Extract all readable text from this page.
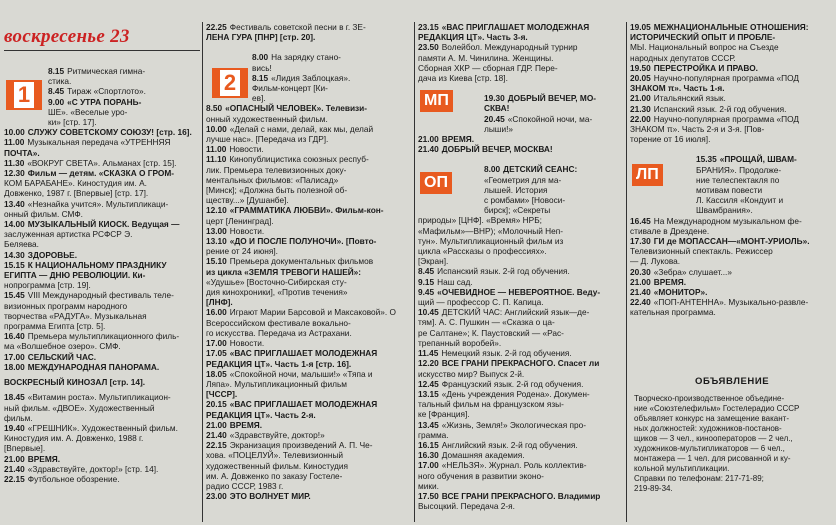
воскресенье 23
1	2
МП
ОП	ЛП
8.15 Ритмическая гимна-
стика.
8.45 Тираж «Спортлото».
9.00 «С УТРА ПОРАНЬ-
ШЕ». «Веселые уро-
ки» [стр. 17].
10.00 СЛУЖУ СОВЕТСКОМУ СОЮЗУ! [стр. 16].
11.00 Музыкальная передача «УТРЕННЯЯ
ПОЧТА».
11.30 «ВОКРУГ СВЕТА». Альманах [стр. 15].
12.30 Фильм — детям. «СКАЗКА О ГРОМ-
КОМ БАРАБАНЕ». Киностудия им. А.
Довженко, 1987 г. [Впервые] [стр. 17].
13.40 «Незнайка учится». Мультипликаци-
онный фильм. СМФ.
14.00 МУЗЫКАЛЬНЫЙ КИОСК. Ведущая —
заслуженная артистка РСФСР Э.
Беляева.
14.30 ЗДОРОВЬЕ.
15.15 К НАЦИОНАЛЬНОМУ ПРАЗДНИКУ
ЕГИПТА — ДНЮ РЕВОЛЮЦИИ. Ки-
нопрограмма [стр. 19].
15.45 VIII Международный фестиваль теле-
визионных программ народного
творчества «РАДУГА». Музыкальная
программа Египта [стр. 5].
16.40 Премьера мультипликационного филь-
ма «Волшебное озеро». СМФ.
17.00 СЕЛЬСКИЙ ЧАС.
18.00 МЕЖДУНАРОДНАЯ ПАНОРАМА.
ВОСКРЕСНЫЙ КИНОЗАЛ [стр. 14].
18.45 «Витамин роста». Мультипликацион-
ный фильм. «ДВОЕ». Художественный
фильм.
19.40 «ГРЕШНИК». Художественный фильм.
Киностудия им. А. Довженко, 1988 г.
[Впервые].
21.00 ВРЕМЯ.
21.40 «Здравствуйте, доктор!» [стр. 14].
22.15 Футбольное обозрение.
22.25 Фестиваль советской песни в г. ЗЕ-
ЛЕНА ГУРА [ПНР] [стр. 20].
8.00 На зарядку стано-
вись!
8.15 «Лидия Заблоцкая».
Фильм-концерт [Ки-
ев].
8.50 «ОПАСНЫЙ ЧЕЛОВЕК». Телевизи-
онный художественный фильм.
10.00 «Делай с нами, делай, как мы, делай
лучше нас». [Передача из ГДР].
11.00 Новости.
11.10 Кинопублицистика союзных респуб-
лик. Премьера телевизионных доку-
ментальных фильмов: «Палисад»
[Минск]; «Должна быть полезной об-
ществу...» [Душанбе].
12.10 «ГРАММАТИКА ЛЮБВИ». Фильм-кон-
церт [Ленинград].
13.00 Новости.
13.10 «ДО И ПОСЛЕ ПОЛУНОЧИ». [Повто-
рение от 24 июня].
15.10 Премьера документальных фильмов
из цикла «ЗЕМЛЯ ТРЕВОГИ НАШЕЙ»:
«Удушье» [Восточно-Сибирская сту-
дия кинохроники], «Против течения»
[ЛНФ].
16.00 Играют Марии Барсовой и Максаковой». О
Всероссийском фестивале вокально-
го искусства. Передача из Астрахани.
17.00 Новости.
17.05 «ВАС ПРИГЛАШАЕТ МОЛОДЕЖНАЯ
РЕДАКЦИЯ ЦТ». Часть 1-я [стр. 16].
18.05 «Спокойной ночи, малыши!» «Тяпа и
Ляпа». Мультипликационный фильм
[ЧССР].
20.15 «ВАС ПРИГЛАШАЕТ МОЛОДЕЖНАЯ
РЕДАКЦИЯ ЦТ». Часть 2-я.
21.00 ВРЕМЯ.
21.40 «Здравствуйте, доктор!»
22.15 Экранизация произведений А. П. Че-
хова. «ПОЦЕЛУЙ». Телевизионный
художественный фильм. Киностудия
им. А. Довженко по заказу Гостеле-
радио СССР, 1983 г.
23.00 ЭТО ВОЛНУЕТ МИР.
23.15 «ВАС ПРИГЛАШАЕТ МОЛОДЕЖНАЯ
РЕДАКЦИЯ ЦТ». Часть 3-я.
23.50 Волейбол. Международный турнир
памяти А. М. Чинилина. Женщины.
Сборная ХКР — сборная ГДР. Пере-
дача из Киева [стр. 18].
19.30 ДОБРЫЙ ВЕЧЕР, МО-
СКВА!
20.45 «Спокойной ночи, ма-
лыши!»
21.00 ВРЕМЯ.
21.40 ДОБРЫЙ ВЕЧЕР, МОСКВА!
8.00 ДЕТСКИЙ СЕАНС:
«Геометрия для ма-
лышей. История
с ромбами» [Новоси-
бирск]; «Секреты
природы» [ЦНФ]. «Время» НРБ;
«Мафильм»—ВНР); «Молочный Неп-
тун». Мультипликационный фильм из
цикла «Рассказы о профессиях».
[Экран].
8.45 Испанский язык. 2-й год обучения.
9.15 Наш сад.
9.45 «ОЧЕВИДНОЕ — НЕВЕРОЯТНОЕ. Веду-
щий — профессор С. П. Капица.
10.45 ДЕТСКИЙ ЧАС: Английский язык—де-
тям]. А. С. Пушкин — «Сказка о ца-
ре Салтане»; К. Паустовский — «Рас-
трепанный воробей».
11.45 Немецкий язык. 2-й год обучения.
12.20 ВСЕ ГРАНИ ПРЕКРАСНОГО. Спасет ли
искусство мир? Выпуск 2-й.
12.45 Французский язык. 2-й год обучения.
13.15 «День учреждения Родена». Докумен-
тальный фильм на французском язы-
ке [Франция].
13.45 «Жизнь, Земля!» Экологическая про-
грамма.
16.15 Английский язык. 2-й год обучения.
16.30 Домашняя академия.
17.00 «НЕЛЬЗЯ». Журнал. Роль коллектив-
ного обучения в развитии эконо-
мики.
17.50 ВСЕ ГРАНИ ПРЕКРАСНОГО. Владимир
Высоцкий. Передача 2-я.
19.05 МЕЖНАЦИОНАЛЬНЫЕ ОТНОШЕНИЯ:
ИСТОРИЧЕСКИЙ ОПЫТ И ПРОБЛЕ-
МЫ. Национальный вопрос на Съезде
народных депутатов СССР.
19.50 ПЕРЕСТРОЙКА И ПРАВО.
20.05 Научно-популярная программа «ПОД
ЗНАКОМ π». Часть 1-я.
21.00 Итальянский язык.
21.30 Испанский язык. 2-й год обучения.
22.00 Научно-популярная программа «ПОД
ЗНАКОМ π». Часть 2-я и 3-я. [Пов-
торение от 16 июля].
15.35 «ПРОЩАЙ, ШВАМ-
БРАНИЯ». Продолже-
ние телеспектакля по
мотивам повести
Л. Кассиля «Кондуит и
Швамбрания».
16.45 На Международном музыкальном фе-
стивале в Дрездене.
17.30 ГИ де МОПАССАН—«МОНТ-УРИОЛЬ».
Телевизионный спектакль. Режиссер
— Д. Лукова.
20.30 «Зебра» слушает...»
21.00 ВРЕМЯ.
21.40 «МОНИТОР».
22.40 «ПОП-АНТЕННА». Музыкально-развле-
кательная программа.
ОБЪЯВЛЕНИЕ
Творческо-производственное объедине-
ние «Союзтелефильм» Гостелерадио СССР
объявляет конкурс на замещение вакант-
ных должностей: художников-постанов-
щиков — 3 чел., кинооператоров — 2 чел.,
художников-мультипликаторов — 6 чел.,
монтажера — 1 чел. для рисованной и ку-
кольной мультипликации.
Справки по телефонам: 217-71-89;
219-89-34.
